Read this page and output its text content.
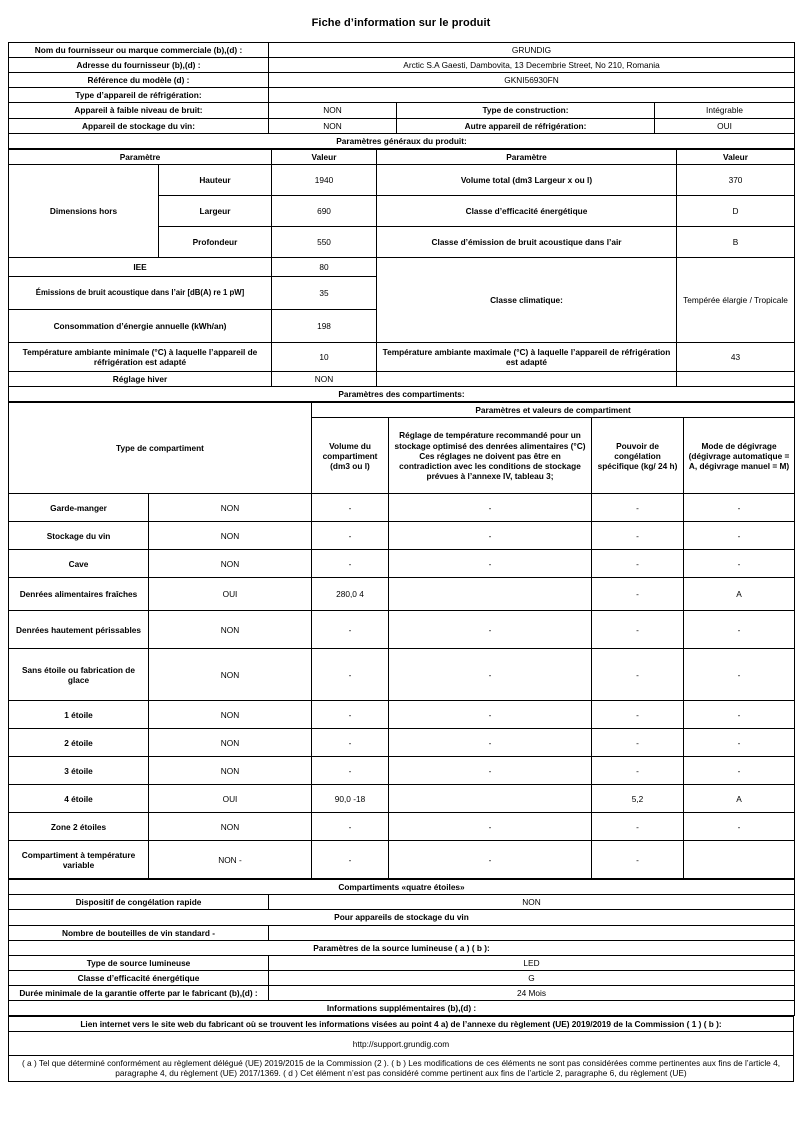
Fiche d’information sur le produit
Nom du fournisseur ou marque commerciale (b),(d) :	GRUNDIG		
Adresse du fournisseur (b),(d) :	Arctic S.A Gaesti, Dambovita, 13 Decembrie Street, No 210, Romania		
Référence du modèle (d) :	GKNI56930FN		
Type d’appareil de réfrigération:			
Appareil à faible niveau de bruit:	NON	Type de construction:	Intégrable
Appareil de stockage du vin:	NON	Autre appareil de réfrigération:	OUI
Paramètres généraux du produit:			
Paramètre		Valeur	Paramètre	Valeur
Dimensions hors	Hauteur	1940	Volume total (dm3 Largeur x ou l)	370
	Largeur	690	Classe d’efficacité énergétique	D
	Profondeur	550	Classe d’émission de bruit acoustique dans l’air	B
IEE		80	Classe climatique:	Tempérée élargie / Tropicale
Émissions de bruit acoustique dans l’air [dB(A) re 1 pW]		35		
Consommation d’énergie annuelle (kWh/an)		198		
Température ambiante minimale (°C) à laquelle l’appareil de réfrigération est adapté		10	Température ambiante maximale (°C) à laquelle l’appareil de réfrigération est adapté	43
Réglage hiver		NON		
Paramètres des compartiments:				
Type de compartiment		Paramètres et valeurs de compartiment			
		Volume du compartiment (dm3 ou l)	Réglage de température recommandé pour un stockage optimisé des denrées alimentaires (°C) Ces réglages ne doivent pas être en contradiction avec les conditions de stockage prévues à l’annexe IV, tableau 3;	Pouvoir de congélation spécifique (kg/ 24 h)	Mode de dégivrage (dégivrage automatique = A, dégivrage manuel = M)
Garde-manger	NON	-	-	-	-
Stockage du vin	NON	-	-	-	-
Cave	NON	-	-	-	-
Denrées alimentaires fraîches	OUI	280,0 4		-	A
Denrées hautement périssables	NON	-	-	-	-
Sans étoile ou fabrication de glace	NON	-	-	-	-
1 étoile	NON	-	-	-	-
2 étoile	NON	-	-	-	-
3 étoile	NON	-	-	-	-
4 étoile	OUI	90,0 -18		5,2	A
Zone 2 étoiles	NON	-	-	-	-
Compartiment à température variable	NON -	-	-	-	
Compartiments «quatre étoiles»	
Dispositif de congélation rapide	NON
Pour appareils de stockage du vin	
Nombre de bouteilles de vin standard -	
Paramètres de la source lumineuse ( a ) ( b ):	
Type de source lumineuse	LED
Classe d’efficacité énergétique	G
Durée minimale de la garantie offerte par le fabricant (b),(d) :	24 Mois
Informations supplémentaires (b),(d) :	
Lien internet vers le site web du fabricant où se trouvent les informations visées au point 4 a) de l’annexe du règlement (UE) 2019/2019 de la Commission ( 1 ) ( b ):
http://support.grundig.com
( a ) Tel que déterminé conformément au règlement délégué (UE) 2019/2015 de la Commission (2 ). ( b ) Les modifications de ces éléments ne sont pas considérées comme pertinentes aux fins de l’article 4, paragraphe 4, du règlement (UE) 2017/1369. ( d ) Cet élément n’est pas considéré comme pertinent aux fins de l’article 2, paragraphe 6, du règlement (UE)
